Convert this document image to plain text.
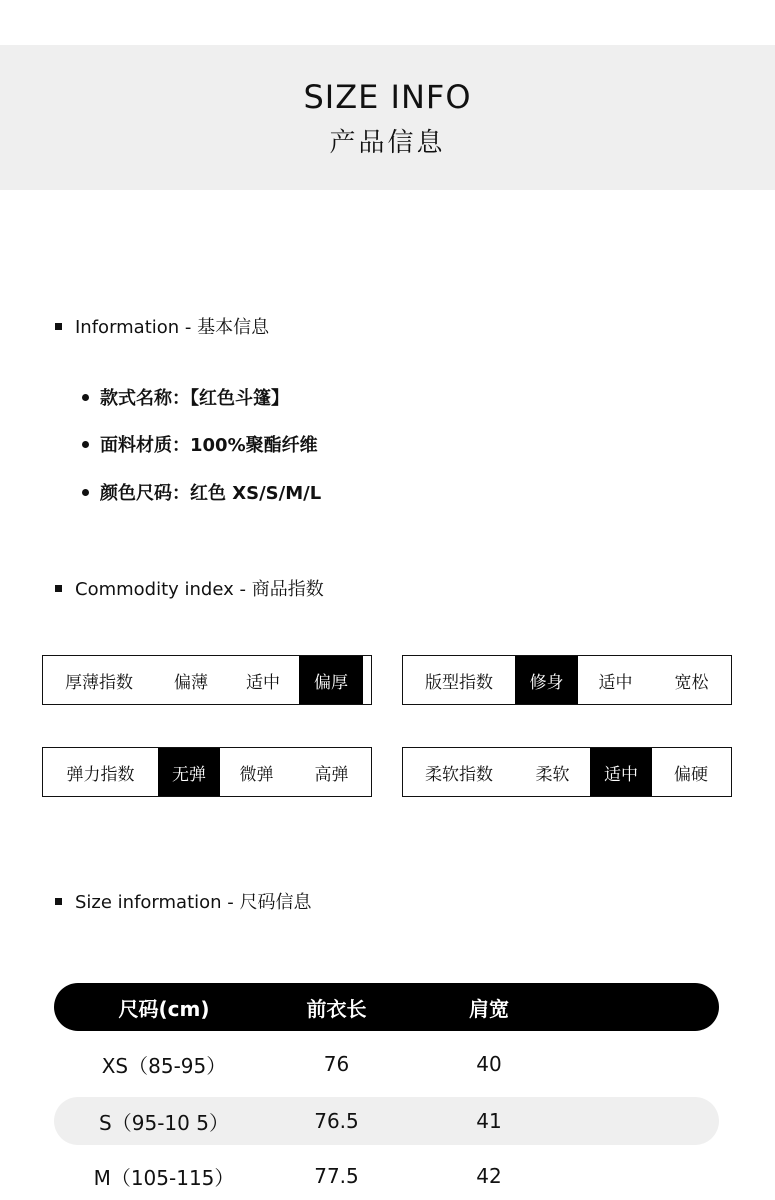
SIZE INFO
产品信息
Information - 基本信息
款式名称：【红色斗篷】
面料材质：100%聚酯纤维
颜色尺码：红色 XS/S/M/L
Commodity index - 商品指数
厚薄指数	偏薄	适中	偏厚	版型指数	修身	适中	宽松
弹力指数	无弹	微弹	高弹	柔软指数	柔软	适中	偏硬
Size information - 尺码信息
尺码(cm)	前衣长	肩宽
XS（85-95）	76	40
S（95-10 5）	76.5	41
M（105-115）	77.5	42
